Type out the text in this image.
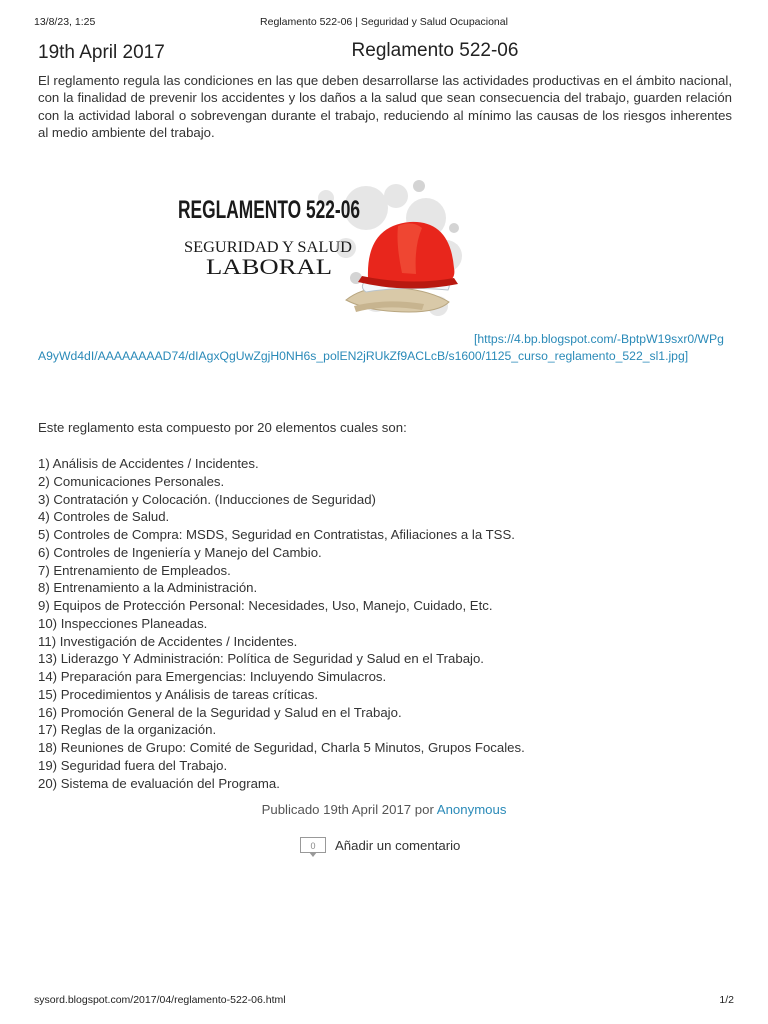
13/8/23, 1:25	Reglamento 522-06 | Seguridad y Salud Ocupacional
19th April 2017	Reglamento 522-06

El reglamento regula las condiciones en las que deben desarrollarse las actividades productivas en el ámbito nacional, con la finalidad de prevenir los accidentes y los daños a la salud que sean consecuencia del trabajo, guarden relación con la actividad laboral o sobrevengan durante el trabajo, reduciendo al mínimo las causas de los riesgos inherentes al medio ambiente del trabajo.

REGLAMENTO 522-06
SEGURIDAD Y SALUD
LABORAL
[https://4.bp.blogspot.com/-BptpW19sxr0/WPgA9yWd4dI/AAAAAAAAD74/dIAgxQgUwZgjH0NH6s_polEN2jRUkZf9ACLcB/s1600/1125_curso_reglamento_522_sl1.jpg]
Este reglamento esta compuesto por 20 elementos cuales son:
1) Análisis de Accidentes / Incidentes.
2) Comunicaciones Personales.
3) Contratación y Colocación. (Inducciones de Seguridad)
4) Controles de Salud.
5) Controles de Compra: MSDS, Seguridad en Contratistas, Afiliaciones a la TSS.
6) Controles de Ingeniería y Manejo del Cambio.
7) Entrenamiento de Empleados.
8) Entrenamiento a la Administración.
9) Equipos de Protección Personal: Necesidades, Uso, Manejo, Cuidado, Etc.
10) Inspecciones Planeadas.
11) Investigación de Accidentes / Incidentes.
13) Liderazgo Y Administración: Política de Seguridad y Salud en el Trabajo.
14) Preparación para Emergencias: Incluyendo Simulacros.
15) Procedimientos y Análisis de tareas críticas.
16) Promoción General de la Seguridad y Salud en el Trabajo.
17) Reglas de la organización.
18) Reuniones de Grupo: Comité de Seguridad, Charla 5 Minutos, Grupos Focales.
19) Seguridad fuera del Trabajo.
20) Sistema de evaluación del Programa.
Publicado 19th April 2017 por Anonymous
0	Añadir un comentario
sysord.blogspot.com/2017/04/reglamento-522-06.html	1/2
